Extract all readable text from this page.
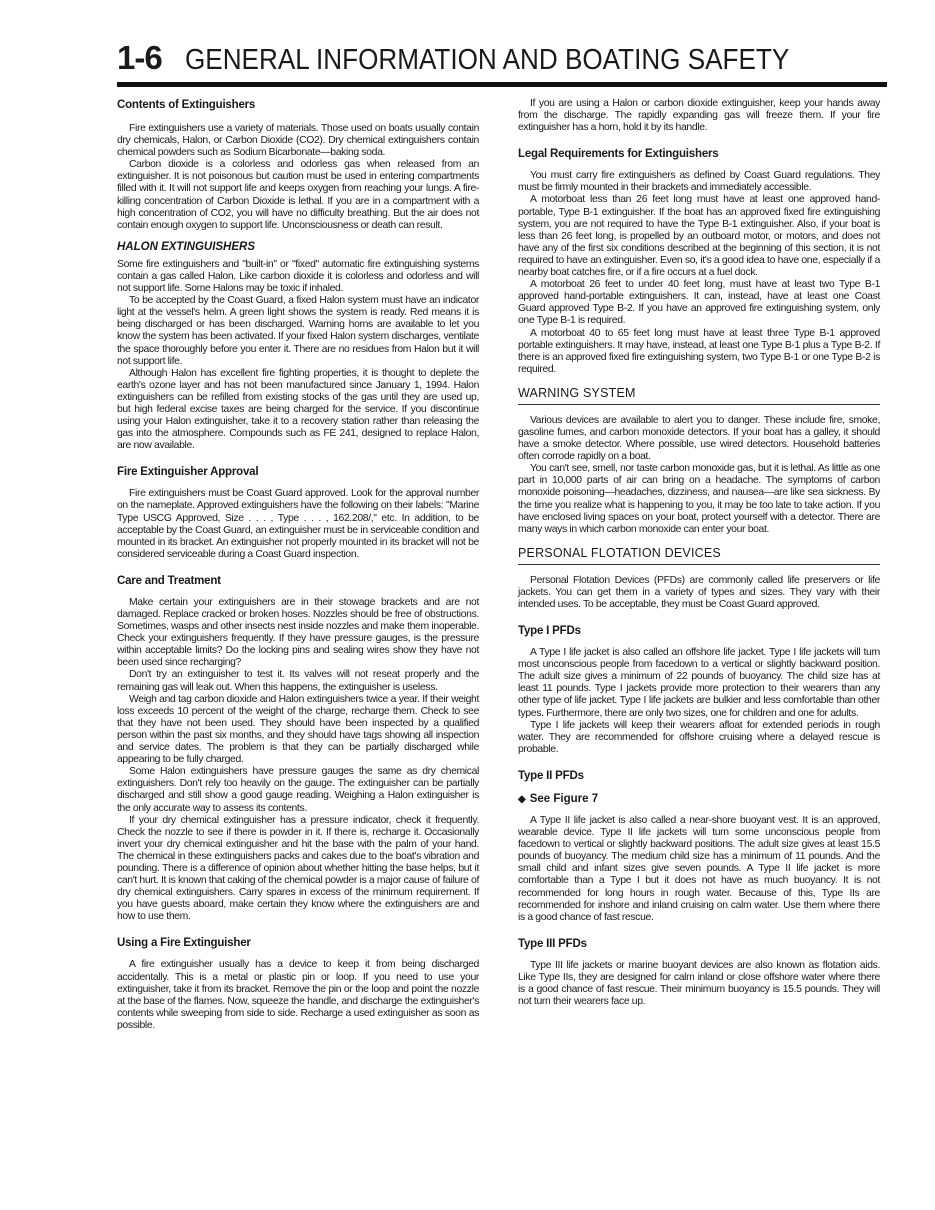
1-6 GENERAL INFORMATION AND BOATING SAFETY
Contents of Extinguishers

Fire extinguishers use a variety of materials. Those used on boats usually contain dry chemicals, Halon, or Carbon Dioxide (CO2). Dry chemical extinguishers contain chemical powders such as Sodium Bicarbonate—baking soda.

Carbon dioxide is a colorless and odorless gas when released from an extinguisher. It is not poisonous but caution must be used in entering compartments filled with it. It will not support life and keeps oxygen from reaching your lungs. A fire-killing concentration of Carbon Dioxide is lethal. If you are in a compartment with a high concentration of CO2, you will have no difficulty breathing. But the air does not contain enough oxygen to support life. Unconsciousness or death can result.

HALON EXTINGUISHERS

Some fire extinguishers and "built-in" or "fixed" automatic fire extinguishing systems contain a gas called Halon. Like carbon dioxide it is colorless and odorless and will not support life. Some Halons may be toxic if inhaled.

To be accepted by the Coast Guard, a fixed Halon system must have an indicator light at the vessel's helm. A green light shows the system is ready. Red means it is being discharged or has been discharged. Warning horns are available to let you know the system has been activated. If your fixed Halon system discharges, ventilate the space thoroughly before you enter it. There are no residues from Halon but it will not support life.

Although Halon has excellent fire fighting properties, it is thought to deplete the earth's ozone layer and has not been manufactured since January 1, 1994. Halon extinguishers can be refilled from existing stocks of the gas until they are used up, but high federal excise taxes are being charged for the service. If you discontinue using your Halon extinguisher, take it to a recovery station rather than releasing the gas into the atmosphere. Compounds such as FE 241, designed to replace Halon, are now available.

Fire Extinguisher Approval

Fire extinguishers must be Coast Guard approved. Look for the approval number on the nameplate. Approved extinguishers have the following on their labels: "Marine Type USCG Approved, Size . . . , Type . . . , 162.208/," etc. In addition, to be acceptable by the Coast Guard, an extinguisher must be in serviceable condition and mounted in its bracket. An extinguisher not properly mounted in its bracket will not be considered serviceable during a Coast Guard inspection.

Care and Treatment

Make certain your extinguishers are in their stowage brackets and are not damaged. Replace cracked or broken hoses. Nozzles should be free of obstructions. Sometimes, wasps and other insects nest inside nozzles and make them inoperable. Check your extinguishers frequently. If they have pressure gauges, is the pressure within acceptable limits? Do the locking pins and sealing wires show they have not been used since recharging?

Don't try an extinguisher to test it. Its valves will not reseat properly and the remaining gas will leak out. When this happens, the extinguisher is useless.

Weigh and tag carbon dioxide and Halon extinguishers twice a year. If their weight loss exceeds 10 percent of the weight of the charge, recharge them. Check to see that they have not been used. They should have been inspected by a qualified person within the past six months, and they should have tags showing all inspection and service dates. The problem is that they can be partially discharged while appearing to be fully charged.

Some Halon extinguishers have pressure gauges the same as dry chemical extinguishers. Don't rely too heavily on the gauge. The extinguisher can be partially discharged and still show a good gauge reading. Weighing a Halon extinguisher is the only accurate way to assess its contents.

If your dry chemical extinguisher has a pressure indicator, check it frequently. Check the nozzle to see if there is powder in it. If there is, recharge it. Occasionally invert your dry chemical extinguisher and hit the base with the palm of your hand. The chemical in these extinguishers packs and cakes due to the boat's vibration and pounding. There is a difference of opinion about whether hitting the base helps, but it can't hurt. It is known that caking of the chemical powder is a major cause of failure of dry chemical extinguishers. Carry spares in excess of the minimum requirement. If you have guests aboard, make certain they know where the extinguishers are and how to use them.

Using a Fire Extinguisher

A fire extinguisher usually has a device to keep it from being discharged accidentally. This is a metal or plastic pin or loop. If you need to use your extinguisher, take it from its bracket. Remove the pin or the loop and point the nozzle at the base of the flames. Now, squeeze the handle, and discharge the extinguisher's contents while sweeping from side to side. Recharge a used extinguisher as soon as possible.

If you are using a Halon or carbon dioxide extinguisher, keep your hands away from the discharge. The rapidly expanding gas will freeze them. If your fire extinguisher has a horn, hold it by its handle.

Legal Requirements for Extinguishers

You must carry fire extinguishers as defined by Coast Guard regulations. They must be firmly mounted in their brackets and immediately accessible.

A motorboat less than 26 feet long must have at least one approved hand-portable, Type B-1 extinguisher. If the boat has an approved fixed fire extinguishing system, you are not required to have the Type B-1 extinguisher. Also, if your boat is less than 26 feet long, is propelled by an outboard motor, or motors, and does not have any of the first six conditions described at the beginning of this section, it is not required to have an extinguisher. Even so, it's a good idea to have one, especially if a nearby boat catches fire, or if a fire occurs at a fuel dock.

A motorboat 26 feet to under 40 feet long, must have at least two Type B-1 approved hand-portable extinguishers. It can, instead, have at least one Coast Guard approved Type B-2. If you have an approved fire extinguishing system, only one Type B-1 is required.

A motorboat 40 to 65 feet long must have at least three Type B-1 approved portable extinguishers. It may have, instead, at least one Type B-1 plus a Type B-2. If there is an approved fixed fire extinguishing system, two Type B-1 or one Type B-2 is required.

WARNING SYSTEM

Various devices are available to alert you to danger. These include fire, smoke, gasoline fumes, and carbon monoxide detectors. If your boat has a galley, it should have a smoke detector. Where possible, use wired detectors. Household batteries often corrode rapidly on a boat.

You can't see, smell, nor taste carbon monoxide gas, but it is lethal. As little as one part in 10,000 parts of air can bring on a headache. The symptoms of carbon monoxide poisoning—headaches, dizziness, and nausea—are like sea sickness. By the time you realize what is happening to you, it may be too late to take action. If you have enclosed living spaces on your boat, protect yourself with a detector. There are many ways in which carbon monoxide can enter your boat.

PERSONAL FLOTATION DEVICES

Personal Flotation Devices (PFDs) are commonly called life preservers or life jackets. You can get them in a variety of types and sizes. They vary with their intended uses. To be acceptable, they must be Coast Guard approved.

Type I PFDs

A Type I life jacket is also called an offshore life jacket. Type I life jackets will turn most unconscious people from facedown to a vertical or slightly backward position. The adult size gives a minimum of 22 pounds of buoyancy. The child size has at least 11 pounds. Type I jackets provide more protection to their wearers than any other type of life jacket. Type I life jackets are bulkier and less comfortable than other types. Furthermore, there are only two sizes, one for children and one for adults.

Type I life jackets will keep their wearers afloat for extended periods in rough water. They are recommended for offshore cruising where a delayed rescue is probable.

Type II PFDs
◆ See Figure 7

A Type II life jacket is also called a near-shore buoyant vest. It is an approved, wearable device. Type II life jackets will turn some unconscious people from facedown to vertical or slightly backward positions. The adult size gives at least 15.5 pounds of buoyancy. The medium child size has a minimum of 11 pounds. And the small child and infant sizes give seven pounds. A Type II life jacket is more comfortable than a Type I but it does not have as much buoyancy. It is not recommended for long hours in rough water. Because of this, Type IIs are recommended for inshore and inland cruising on calm water. Use them where there is a good chance of fast rescue.

Type III PFDs

Type III life jackets or marine buoyant devices are also known as flotation aids. Like Type IIs, they are designed for calm inland or close offshore water where there is a good chance of fast rescue. Their minimum buoyancy is 15.5 pounds. They will not turn their wearers face up.
